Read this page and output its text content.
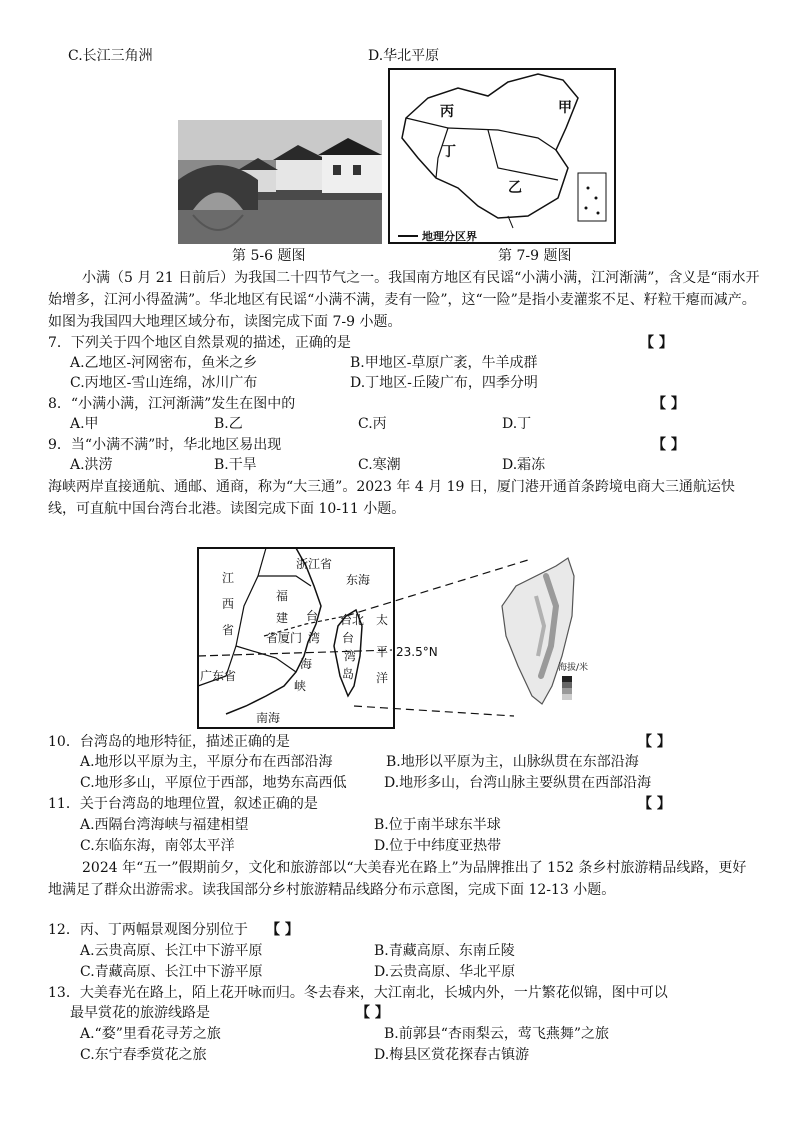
C.长江三角洲	D.华北平原
丙	甲
丁
乙
地理分区界
第 5-6 题图	第 7-9 题图
小满（5 月 21 日前后）为我国二十四节气之一。我国南方地区有民谣“小满小满，江河渐满”，含义是“雨水开始增多，江河小得盈满”。华北地区有民谣“小满不满，麦有一险”，这“一险”是指小麦灌浆不足、籽粒干瘪而减产。如图为我国四大地理区域分布，读图完成下面 7-9 小题。
7．下列关于四个地区自然景观的描述，正确的是	【 】
A.乙地区-河网密布，鱼米之乡	B.甲地区-草原广袤，牛羊成群
C.丙地区-雪山连绵，冰川广布	D.丁地区-丘陵广布，四季分明
8．“小满小满，江河渐满”发生在图中的	【 】
A.甲	B.乙	C.丙	D.丁
9．当“小满不满”时，华北地区易出现	【 】
A.洪涝	B.干旱	C.寒潮	D.霜冻
海峡两岸直接通航、通邮、通商，称为“大三通”。2023 年 4 月 19 日，厦门港开通首条跨境电商大三通航运快线，可直航中国台湾台北港。读图完成下面 10-11 小题。
浙江省
江
西
省
福
建
省 厦门
东海
台北
台
湾
海
峡
台
湾
岛
太
平
洋
23.5°N
广东省
南海
海拔/米
10．台湾岛的地形特征，描述正确的是	【 】
A.地形以平原为主，平原分布在西部沿海	B.地形以平原为主，山脉纵贯在东部沿海
C.地形多山，平原位于西部，地势东高西低	D.地形多山，台湾山脉主要纵贯在西部沿海
11．关于台湾岛的地理位置，叙述正确的是	【 】
A.西隔台湾海峡与福建相望	B.位于南半球东半球
C.东临东海，南邻太平洋	D.位于中纬度亚热带
2024 年“五一”假期前夕，文化和旅游部以“大美春光在路上”为品牌推出了 152 条乡村旅游精品线路，更好地满足了群众出游需求。读我国部分乡村旅游精品线路分布示意图，完成下面 12-13 小题。
12．丙、丁两幅景观图分别位于 【 】
A.云贵高原、长江中下游平原	B.青藏高原、东南丘陵
C.青藏高原、长江中下游平原	D.云贵高原、华北平原
13．大美春光在路上，陌上花开咏而归。冬去春来，大江南北，长城内外，一片繁花似锦，图中可以
最早赏花的旅游线路是	【 】
A.“婺”里看花寻芳之旅	B.前郭县“杏雨梨云，莺飞燕舞”之旅
C.东宁春季赏花之旅	D.梅县区赏花探春古镇游
